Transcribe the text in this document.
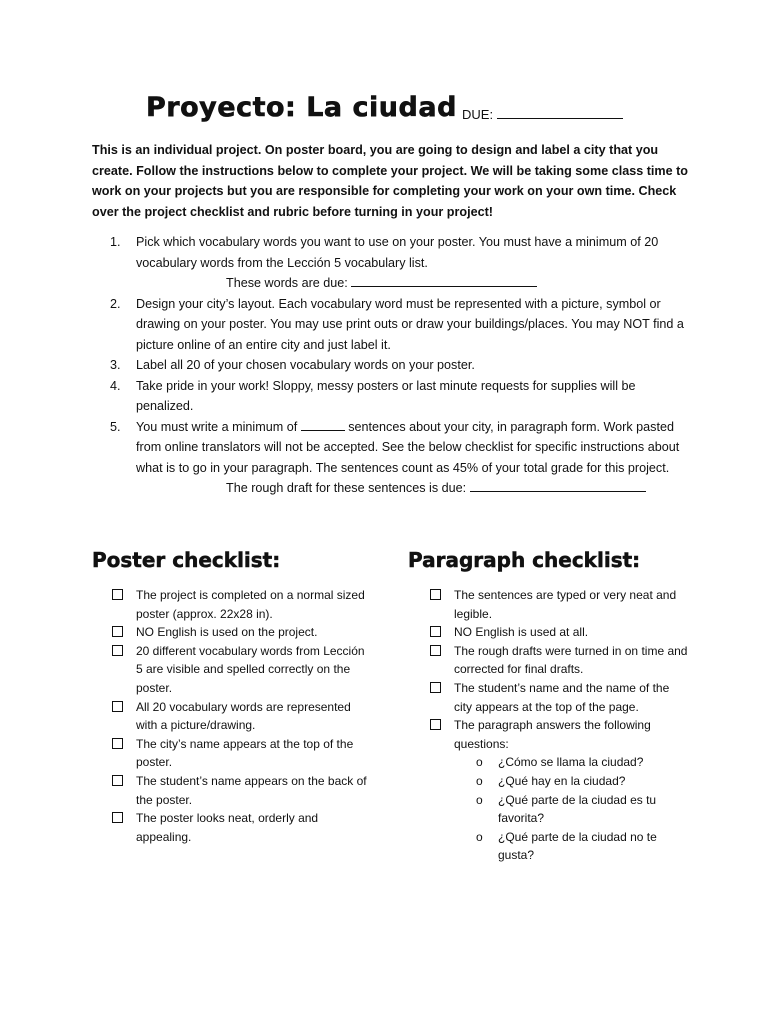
Proyecto: La ciudad DUE:
This is an individual project. On poster board, you are going to design and label a city that you create. Follow the instructions below to complete your project. We will be taking some class time to work on your projects but you are responsible for completing your work on your own time. Check over the project checklist and rubric before turning in your project!
1. Pick which vocabulary words you want to use on your poster. You must have a minimum of 20 vocabulary words from the Lección 5 vocabulary list.
These words are due:
2. Design your city’s layout. Each vocabulary word must be represented with a picture, symbol or drawing on your poster. You may use print outs or draw your buildings/places. You may NOT find a picture online of an entire city and just label it.
3. Label all 20 of your chosen vocabulary words on your poster.
4. Take pride in your work! Sloppy, messy posters or last minute requests for supplies will be penalized.
5. You must write a minimum of	sentences about your city, in paragraph form. Work pasted from online translators will not be accepted. See the below checklist for specific instructions about what is to go in your paragraph. The sentences count as 45% of your total grade for this project.
The rough draft for these sentences is due:
Poster checklist:	Paragraph checklist:
The project is completed on a normal sized poster (approx. 22x28 in).
NO English is used on the project.
20 different vocabulary words from Lección 5 are visible and spelled correctly on the poster.
All 20 vocabulary words are represented with a picture/drawing.
The city’s name appears at the top of the poster.
The student’s name appears on the back of the poster.
The poster looks neat, orderly and appealing.
The sentences are typed or very neat and legible.
NO English is used at all.
The rough drafts were turned in on time and corrected for final drafts.
The student’s name and the name of the city appears at the top of the page.
The paragraph answers the following questions:
o ¿Cómo se llama la ciudad?
o ¿Qué hay en la ciudad?
o ¿Qué parte de la ciudad es tu favorita?
o ¿Qué parte de la ciudad no te gusta?
